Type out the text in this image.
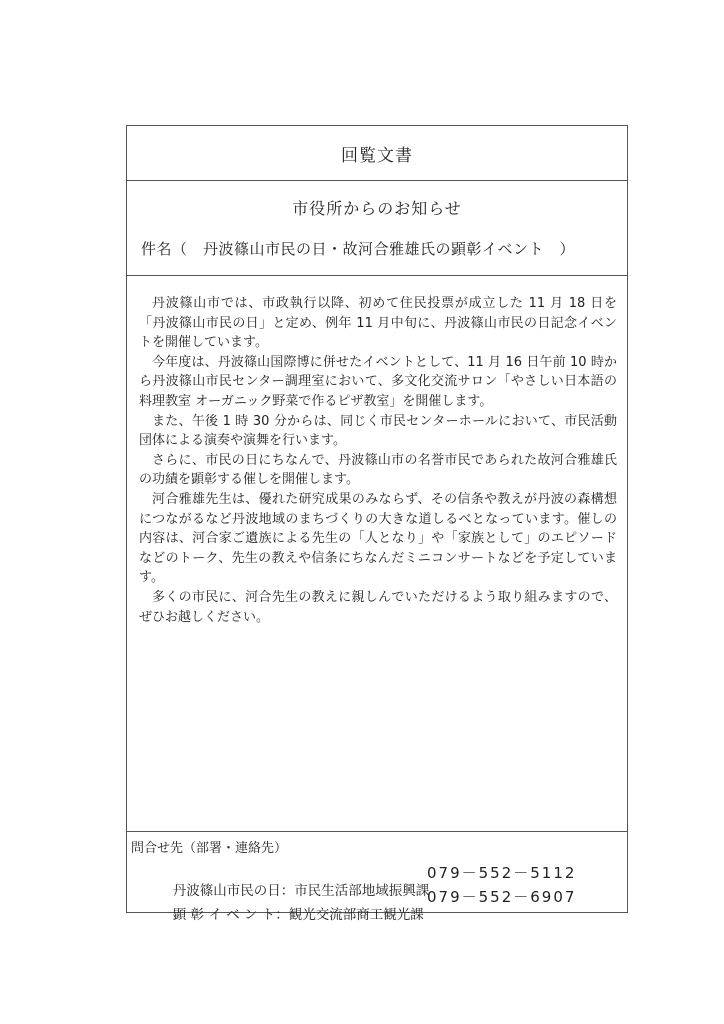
回覧文書
市役所からのお知らせ
件名（　丹波篠山市民の日・故河合雅雄氏の顕彰イベント　）

丹波篠山市では、市政執行以降、初めて住民投票が成立した 11 月 18 日を「丹波篠山市民の日」と定め、例年 11 月中旬に、丹波篠山市民の日記念イベントを開催しています。

今年度は、丹波篠山国際博に併せたイベントとして、11 月 16 日午前 10 時から丹波篠山市民センター調理室において、多文化交流サロン「やさしい日本語の料理教室 オーガニック野菜で作るピザ教室」を開催します。

また、午後 1 時 30 分からは、同じく市民センターホールにおいて、市民活動団体による演奏や演舞を行います。

さらに、市民の日にちなんで、丹波篠山市の名誉市民であられた故河合雅雄氏の功績を顕彰する催しを開催します。

河合雅雄先生は、優れた研究成果のみならず、その信条や教えが丹波の森構想につながるなど丹波地域のまちづくりの大きな道しるべとなっています。催しの内容は、河合家ご遺族による先生の「人となり」や「家族として」のエピソードなどのトーク、先生の教えや信条にちなんだミニコンサートなどを予定しています。

多くの市民に、河合先生の教えに親しんでいただけるよう取り組みますので、ぜひお越しください。

問合せ先（部署・連絡先）

丹波篠山市民の日：市民生活部地域振興課

079－552－5112

顕 彰 イ ベ ン ト：観光交流部商工観光課

079－552－6907
